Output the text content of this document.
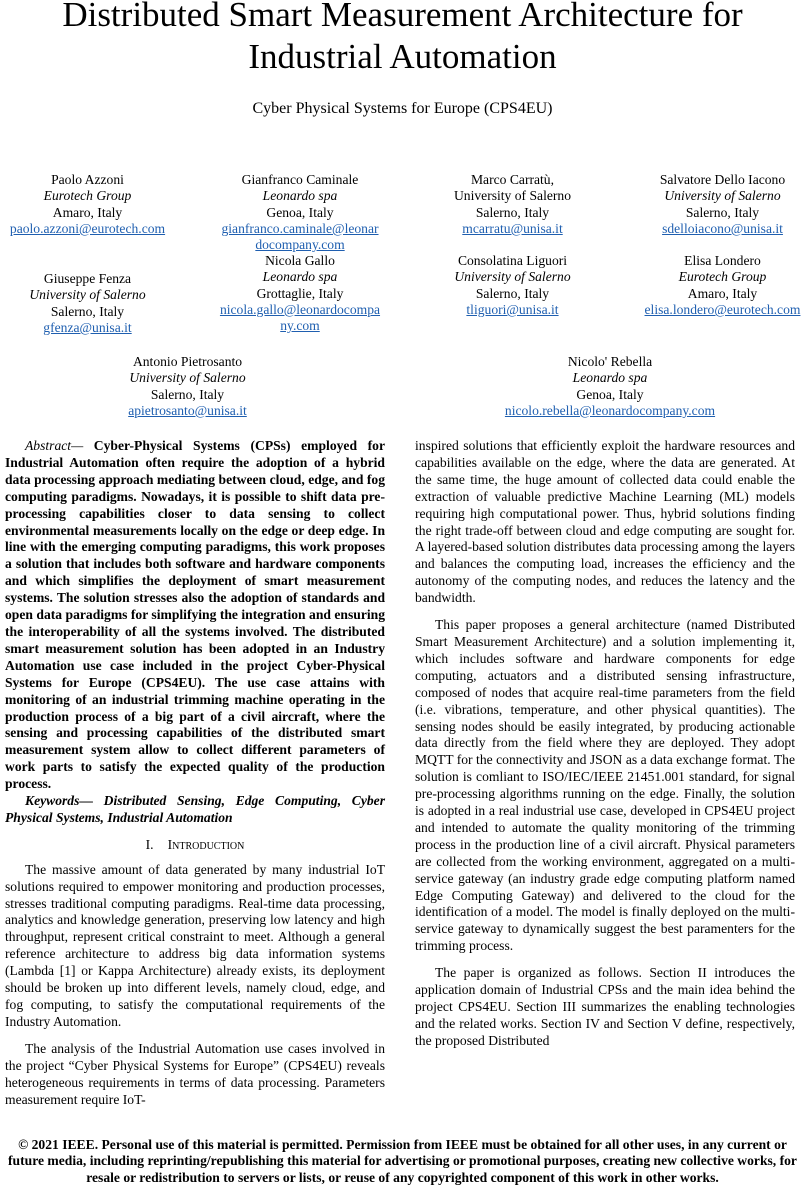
Distributed Smart Measurement Architecture for
Industrial Automation
Cyber Physical Systems for Europe (CPS4EU)
Paolo Azzoni
Eurotech Group
Amaro, Italy
paolo.azzoni@eurotech.com
Gianfranco Caminale
Leonardo spa
Genoa, Italy
gianfranco.caminale@leonar
docompany.com
Marco Carratù,
University of Salerno
Salerno, Italy
mcarratu@unisa.it
Salvatore Dello Iacono
University of Salerno
Salerno, Italy
sdelloiacono@unisa.it
Giuseppe Fenza
University of Salerno
Salerno, Italy
gfenza@unisa.it
Nicola Gallo
Leonardo spa
Grottaglie, Italy
nicola.gallo@leonardocompa
ny.com
Consolatina Liguori
University of Salerno
Salerno, Italy
tliguori@unisa.it
Elisa Londero
Eurotech Group
Amaro, Italy
elisa.londero@eurotech.com
Antonio Pietrosanto
University of Salerno
Salerno, Italy
apietrosanto@unisa.it
Nicolo' Rebella
Leonardo spa
Genoa, Italy
nicolo.rebella@leonardocompany.com

Abstract— Cyber-Physical Systems (CPSs) employed for Industrial Automation often require the adoption of a hybrid data processing approach mediating between cloud, edge, and fog computing paradigms. Nowadays, it is possible to shift data pre-processing capabilities closer to data sensing to collect environmental measurements locally on the edge or deep edge. In line with the emerging computing paradigms, this work proposes a solution that includes both software and hardware components and which simplifies the deployment of smart measurement systems. The solution stresses also the adoption of standards and open data paradigms for simplifying the integration and ensuring the interoperability of all the systems involved. The distributed smart measurement solution has been adopted in an Industry Automation use case included in the project Cyber-Physical Systems for Europe (CPS4EU). The use case attains with monitoring of an industrial trimming machine operating in the production process of a big part of a civil aircraft, where the sensing and processing capabilities of the distributed smart measurement system allow to collect different parameters of work parts to satisfy the expected quality of the production process.

Keywords— Distributed Sensing, Edge Computing, Cyber Physical Systems, Industrial Automation

I. Introduction

The massive amount of data generated by many industrial IoT solutions required to empower monitoring and production processes, stresses traditional computing paradigms. Real-time data processing, analytics and knowledge generation, preserving low latency and high throughput, represent critical constraint to meet. Although a general reference architecture to address big data information systems (Lambda [1] or Kappa Architecture) already exists, its deployment should be broken up into different levels, namely cloud, edge, and fog computing, to satisfy the computational requirements of the Industry Automation.

The analysis of the Industrial Automation use cases involved in the project “Cyber Physical Systems for Europe” (CPS4EU) reveals heterogeneous requirements in terms of data processing. Parameters measurement require IoT-

inspired solutions that efficiently exploit the hardware resources and capabilities available on the edge, where the data are generated. At the same time, the huge amount of collected data could enable the extraction of valuable predictive Machine Learning (ML) models requiring high computational power. Thus, hybrid solutions finding the right trade-off between cloud and edge computing are sought for. A layered-based solution distributes data processing among the layers and balances the computing load, increases the efficiency and the autonomy of the computing nodes, and reduces the latency and the bandwidth.

This paper proposes a general architecture (named Distributed Smart Measurement Architecture) and a solution implementing it, which includes software and hardware components for edge computing, actuators and a distributed sensing infrastructure, composed of nodes that acquire real-time parameters from the field (i.e. vibrations, temperature, and other physical quantities). The sensing nodes should be easily integrated, by producing actionable data directly from the field where they are deployed. They adopt MQTT for the connectivity and JSON as a data exchange format. The solution is comliant to ISO/IEC/IEEE 21451.001 standard, for signal pre-processing algorithms running on the edge. Finally, the solution is adopted in a real industrial use case, developed in CPS4EU project and intended to automate the quality monitoring of the trimming process in the production line of a civil aircraft. Physical parameters are collected from the working environment, aggregated on a multi-service gateway (an industry grade edge computing platform named Edge Computing Gateway) and delivered to the cloud for the identification of a model. The model is finally deployed on the multi-service gateway to dynamically suggest the best paramenters for the trimming process.

The paper is organized as follows. Section II introduces the application domain of Industrial CPSs and the main idea behind the project CPS4EU. Section III summarizes the enabling technologies and the related works. Section IV and Section V define, respectively, the proposed Distributed

© 2021 IEEE. Personal use of this material is permitted. Permission from IEEE must be obtained for all other uses, in any current or future media, including reprinting/republishing this material for advertising or promotional purposes, creating new collective works, for resale or redistribution to servers or lists, or reuse of any copyrighted component of this work in other works.
